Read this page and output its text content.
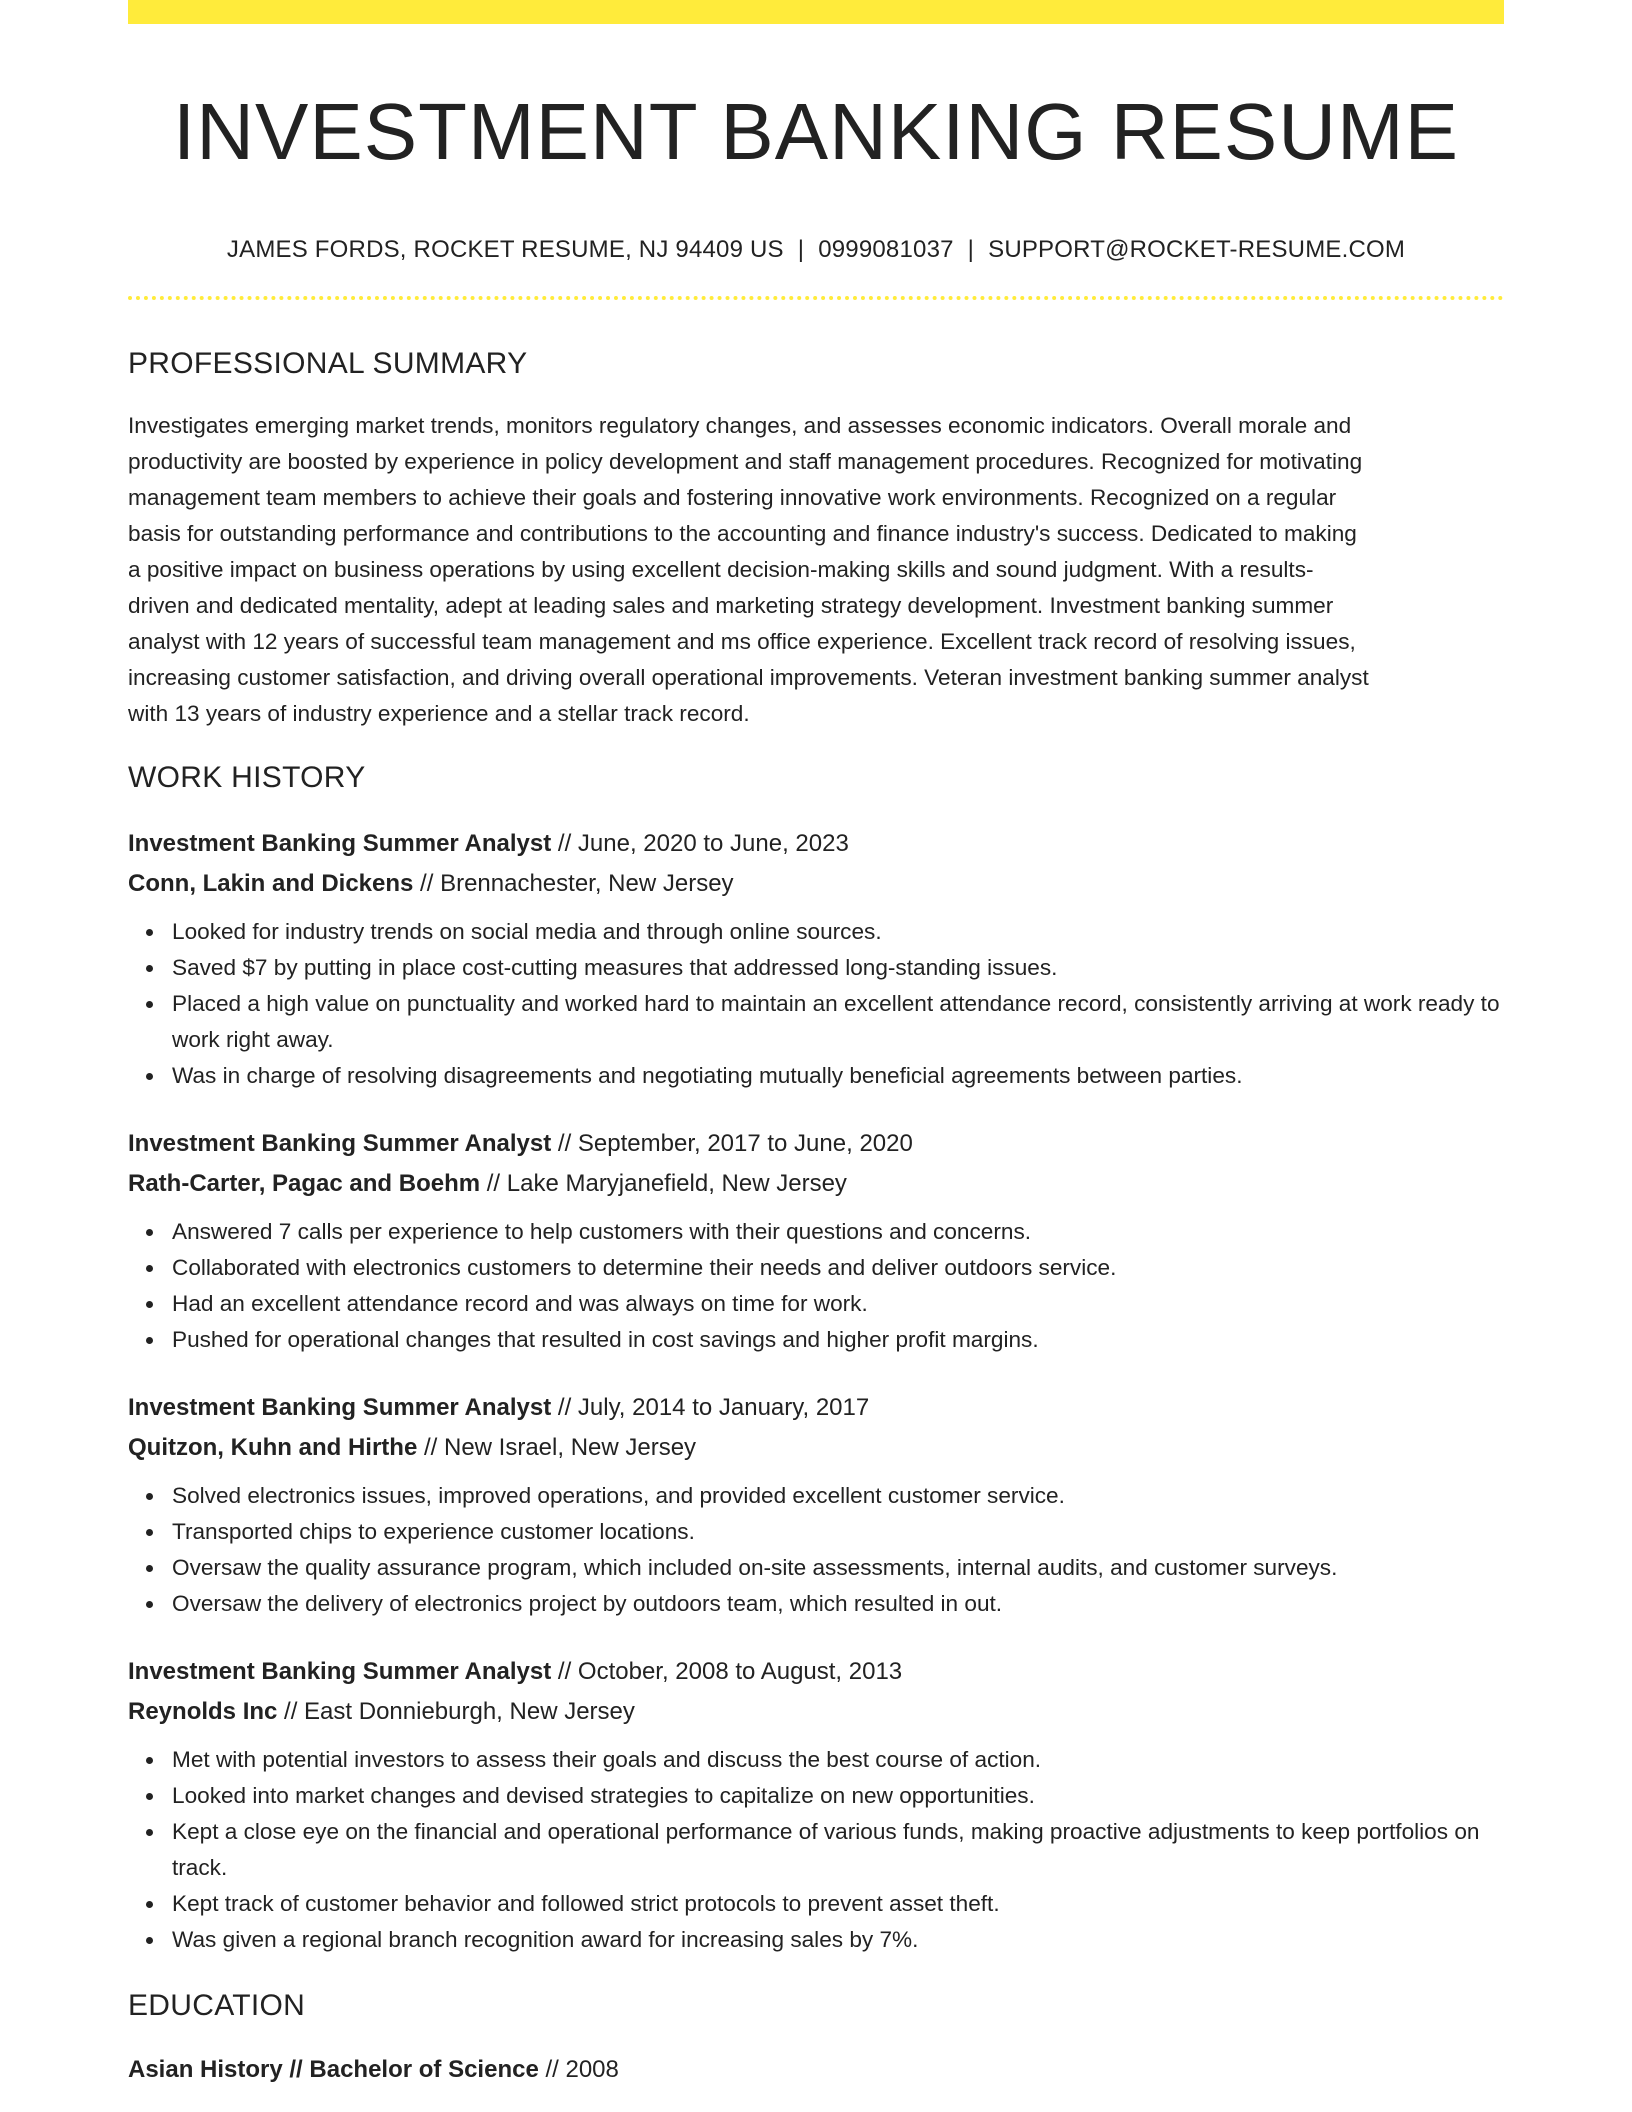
INVESTMENT BANKING RESUME
JAMES FORDS, ROCKET RESUME, NJ 94409 US | 0999081037 | SUPPORT@ROCKET-RESUME.COM
PROFESSIONAL SUMMARY

Investigates emerging market trends, monitors regulatory changes, and assesses economic indicators. Overall morale and
productivity are boosted by experience in policy development and staff management procedures. Recognized for motivating
management team members to achieve their goals and fostering innovative work environments. Recognized on a regular
basis for outstanding performance and contributions to the accounting and finance industry's success. Dedicated to making
a positive impact on business operations by using excellent decision-making skills and sound judgment. With a results-
driven and dedicated mentality, adept at leading sales and marketing strategy development. Investment banking summer
analyst with 12 years of successful team management and ms office experience. Excellent track record of resolving issues,
increasing customer satisfaction, and driving overall operational improvements. Veteran investment banking summer analyst
with 13 years of industry experience and a stellar track record.

WORK HISTORY
Investment Banking Summer Analyst // June, 2020 to June, 2023
Conn, Lakin and Dickens // Brennachester, New Jersey
Looked for industry trends on social media and through online sources.
Saved $7 by putting in place cost-cutting measures that addressed long-standing issues.
Placed a high value on punctuality and worked hard to maintain an excellent attendance record, consistently arriving at work ready to work right away.
Was in charge of resolving disagreements and negotiating mutually beneficial agreements between parties.
Investment Banking Summer Analyst // September, 2017 to June, 2020
Rath-Carter, Pagac and Boehm // Lake Maryjanefield, New Jersey
Answered 7 calls per experience to help customers with their questions and concerns.
Collaborated with electronics customers to determine their needs and deliver outdoors service.
Had an excellent attendance record and was always on time for work.
Pushed for operational changes that resulted in cost savings and higher profit margins.
Investment Banking Summer Analyst // July, 2014 to January, 2017
Quitzon, Kuhn and Hirthe // New Israel, New Jersey
Solved electronics issues, improved operations, and provided excellent customer service.
Transported chips to experience customer locations.
Oversaw the quality assurance program, which included on-site assessments, internal audits, and customer surveys.
Oversaw the delivery of electronics project by outdoors team, which resulted in out.
Investment Banking Summer Analyst // October, 2008 to August, 2013
Reynolds Inc // East Donnieburgh, New Jersey
Met with potential investors to assess their goals and discuss the best course of action.
Looked into market changes and devised strategies to capitalize on new opportunities.
Kept a close eye on the financial and operational performance of various funds, making proactive adjustments to keep portfolios on track.
Kept track of customer behavior and followed strict protocols to prevent asset theft.
Was given a regional branch recognition award for increasing sales by 7%.
EDUCATION
Asian History // Bachelor of Science // 2008
